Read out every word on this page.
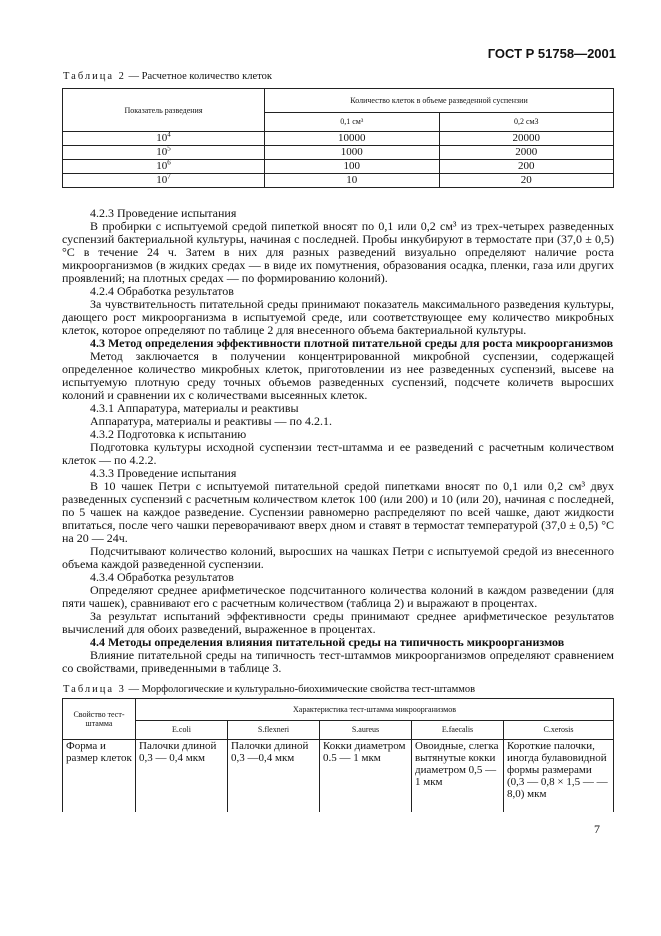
ГОСТ Р 51758—2001
Таблица 2 — Расчетное количество клеток
Показатель разведения	Количество клеток в объеме разведенной суспензии	
	0,1 см³	0,2 см3
$10^4$	10000	20000
$10^5$	1000	2000
$10^6$	100	200
$10^7$	10	20

4.2.3 Проведение испытания

В пробирки с испытуемой средой пипеткой вносят по 0,1 или 0,2 см³ из трех-четырех разведенных суспензий бактериальной культуры, начиная с последней. Пробы инкубируют в термостате при (37,0 ± 0,5) °С в течение 24 ч. Затем в них для разных разведений визуально определяют наличие роста микроорганизмов (в жидких средах — в виде их помутнения, образования осадка, пленки, газа или других проявлений; на плотных средах — по формированию колоний).

4.2.4 Обработка результатов

За чувствительность питательной среды принимают показатель максимального разведения культуры, дающего рост микроорганизма в испытуемой среде, или соответствующее ему количество микробных клеток, которое определяют по таблице 2 для внесенного объема бактериальной культуры.

4.3 Метод определения эффективности плотной питательной среды для роста микроорганизмов

Метод заключается в получении концентрированной микробной суспензии, содержащей определенное количество микробных клеток, приготовлении из нее разведенных суспензий, высеве на испытуемую плотную среду точных объемов разведенных суспензий, подсчете количетв выросших колоний и сравнении их с количествами высеянных клеток.

4.3.1 Аппаратура, материалы и реактивы

Аппаратура, материалы и реактивы — по 4.2.1.

4.3.2 Подготовка к испытанию

Подготовка культуры исходной суспензии тест-штамма и ее разведений с расчетным количеством клеток — по 4.2.2.

4.3.3 Проведение испытания

В 10 чашек Петри с испытуемой питательной средой пипетками вносят по 0,1 или 0,2 см³ двух разведенных суспензий с расчетным количеством клеток 100 (или 200) и 10 (или 20), начиная с последней, по 5 чашек на каждое разведение. Суспензии равномерно распределяют по всей чашке, дают жидкости впитаться, после чего чашки переворачивают вверх дном и ставят в термостат температурой (37,0 ± 0,5) °С на 20 — 24ч.

Подсчитывают количество колоний, выросших на чашках Петри с испытуемой средой из внесенного объема каждой разведенной суспензии.

4.3.4 Обработка результатов

Определяют среднее арифметическое подсчитанного количества колоний в каждом разведении (для пяти чашек), сравнивают его с расчетным количеством (таблица 2) и выражают в процентах.

За результат испытаний эффективности среды принимают среднее арифметическое результатов вычислений для обоих разведений, выраженное в процентах.

4.4 Методы определения влияния питательной среды на типичность микроорганизмов

Влияние питательной среды на типичность тест-штаммов микроорганизмов определяют сравнением со свойствами, приведенными в таблице 3.

Таблица 3 — Морфологические и культурально-биохимические свойства тест-штаммов
Свойство тест-штамма	Характеристика тест-штамма микроорганизмов				
	E.coli	S.flexneri	S.aureus	E.faecalis	C.xerosis
Форма и размер клеток	Палочки длиной 0,3 — 0,4 мкм	Палочки длиной 0,3 —0,4 мкм	Кокки диаметром 0.5 — 1 мкм	Овоидные, слегка вытянутые кокки диаметром 0,5 — 1 мкм	Короткие палочки, иногда булавовидной формы размерами (0,3 — 0,8 × 1,5 — — 8,0) мкм
7
